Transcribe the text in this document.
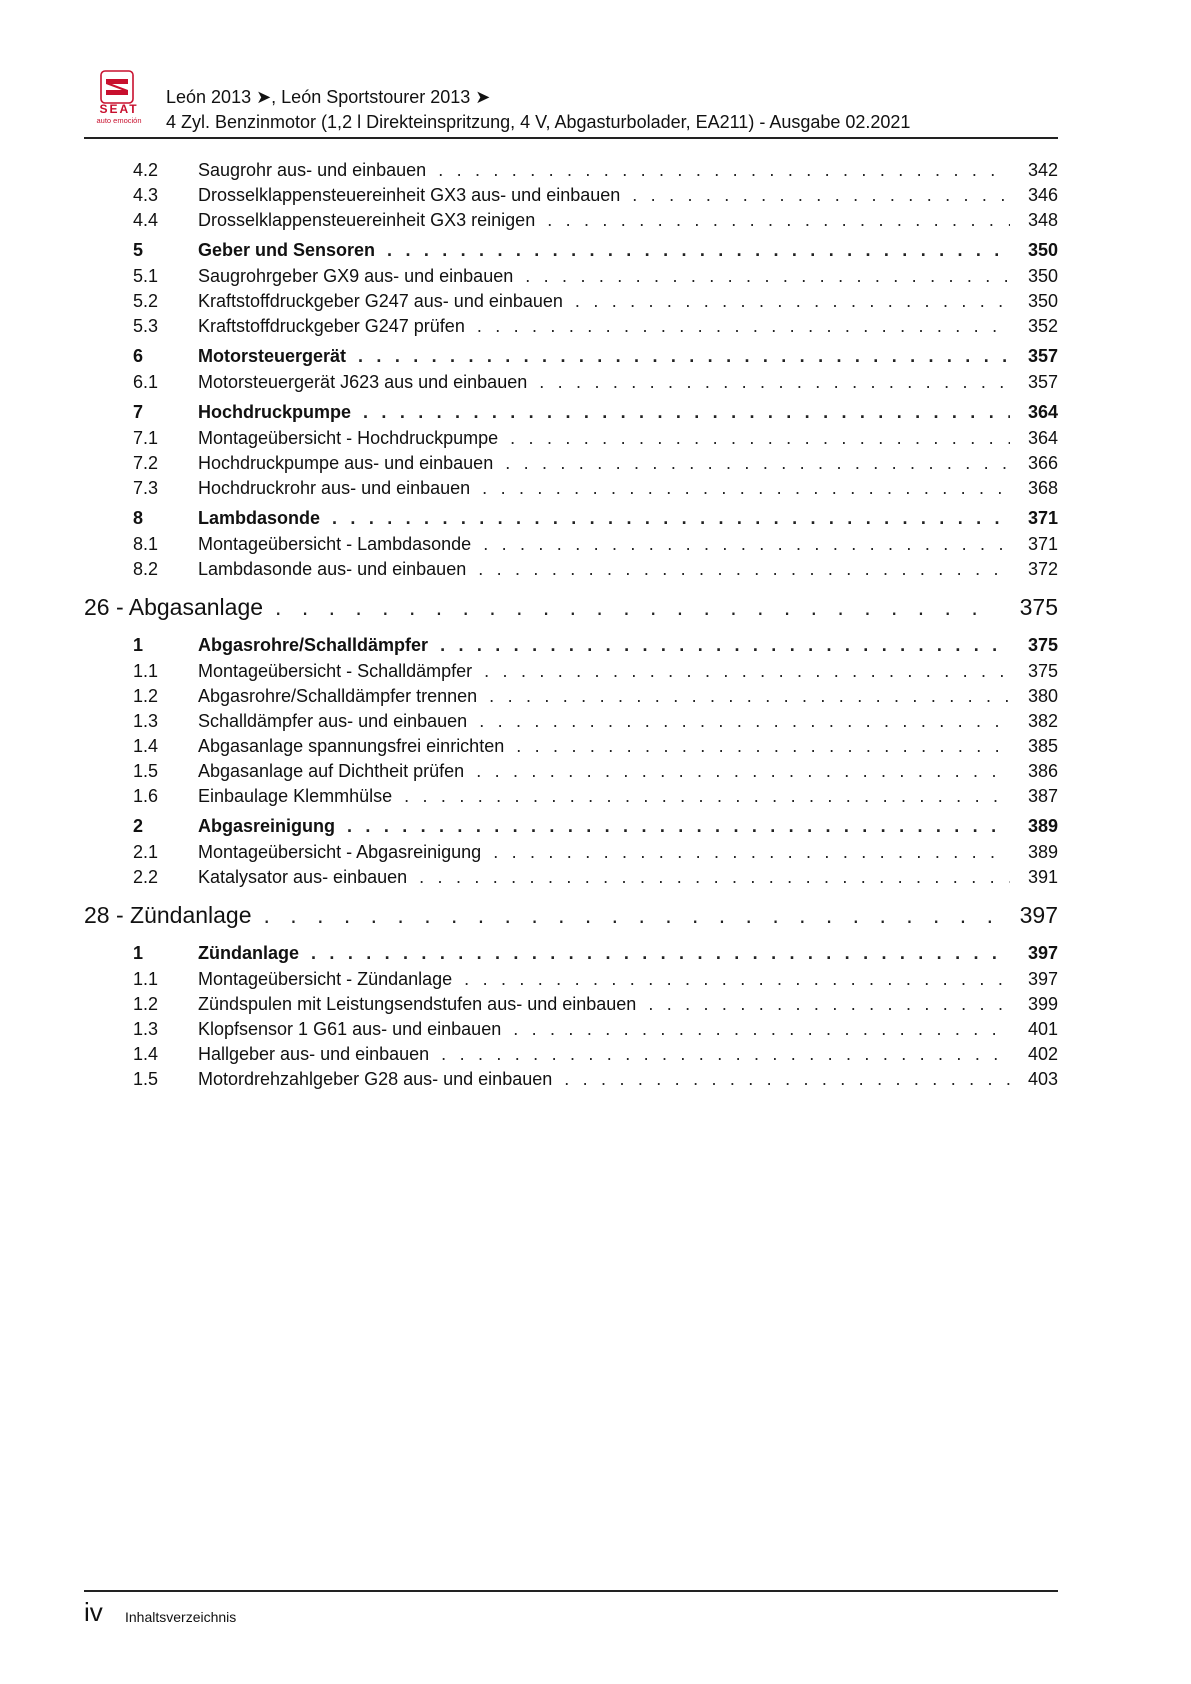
SEAT
auto emoción
León 2013 ➤, León Sportstourer 2013 ➤
4 Zyl. Benzinmotor (1,2 l Direkteinspritzung, 4 V, Abgasturbolader, EA211) - Ausgabe 02.2021
4.2	Saugrohr aus- und einbauen . . .	342
4.3	Drosselklappensteuereinheit GX3 aus- und einbauen . . .	346
4.4	Drosselklappensteuereinheit GX3 reinigen . . .	348
5	Geber und Sensoren . . .	350
5.1	Saugrohrgeber GX9 aus- und einbauen . . .	350
5.2	Kraftstoffdruckgeber G247 aus- und einbauen . . .	350
5.3	Kraftstoffdruckgeber G247 prüfen . . .	352
6	Motorsteuergerät . . .	357
6.1	Motorsteuergerät J623 aus und einbauen . . .	357
7	Hochdruckpumpe . . .	364
7.1	Montageübersicht - Hochdruckpumpe . . .	364
7.2	Hochdruckpumpe aus- und einbauen . . .	366
7.3	Hochdruckrohr aus- und einbauen . . .	368
8	Lambdasonde . . .	371
8.1	Montageübersicht - Lambdasonde . . .	371
8.2	Lambdasonde aus- und einbauen . . .	372
26 - Abgasanlage . . .	375
1	Abgasrohre/Schalldämpfer . . .	375
1.1	Montageübersicht - Schalldämpfer . . .	375
1.2	Abgasrohre/Schalldämpfer trennen . . .	380
1.3	Schalldämpfer aus- und einbauen . . .	382
1.4	Abgasanlage spannungsfrei einrichten . . .	385
1.5	Abgasanlage auf Dichtheit prüfen . . .	386
1.6	Einbaulage Klemmhülse . . .	387
2	Abgasreinigung . . .	389
2.1	Montageübersicht - Abgasreinigung . . .	389
2.2	Katalysator aus- einbauen . . .	391
28 - Zündanlage . . .	397
1	Zündanlage . . .	397
1.1	Montageübersicht - Zündanlage . . .	397
1.2	Zündspulen mit Leistungsendstufen aus- und einbauen . . .	399
1.3	Klopfsensor 1 G61 aus- und einbauen . . .	401
1.4	Hallgeber aus- und einbauen . . .	402
1.5	Motordrehzahlgeber G28 aus- und einbauen . . .	403
iv Inhaltsverzeichnis
